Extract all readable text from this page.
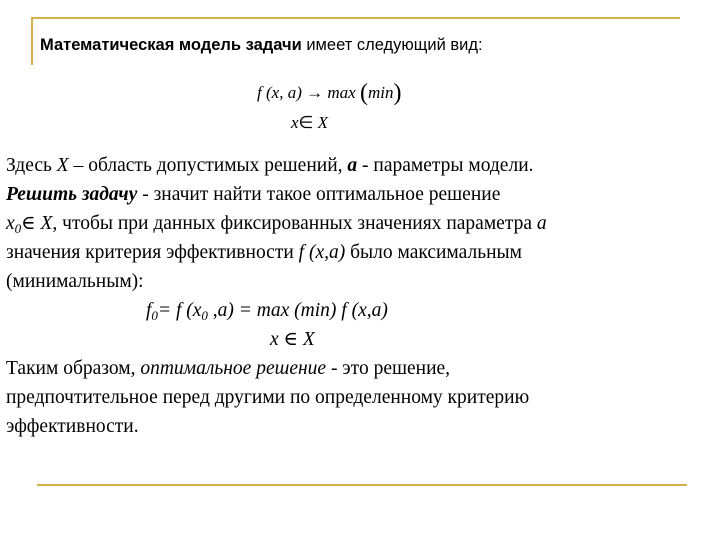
Математическая модель задачи имеет следующий вид:
f (x, a) → max (min)
x∈ X
Здесь X – область допустимых решений, a - параметры модели.
Решить задачу - значит найти такое оптимальное решение
$x_0\in$ X, чтобы при данных фиксированных значениях параметра a
значения критерия эффективности f (x,a) было максимальным
(минимальным):
$f_0= f$ ($x_0$ ,a) = max (min) f (x,a)
x ∈ X
Таким образом, оптимальное решение - это решение,
предпочтительное перед другими по определенному критерию
эффективности.
